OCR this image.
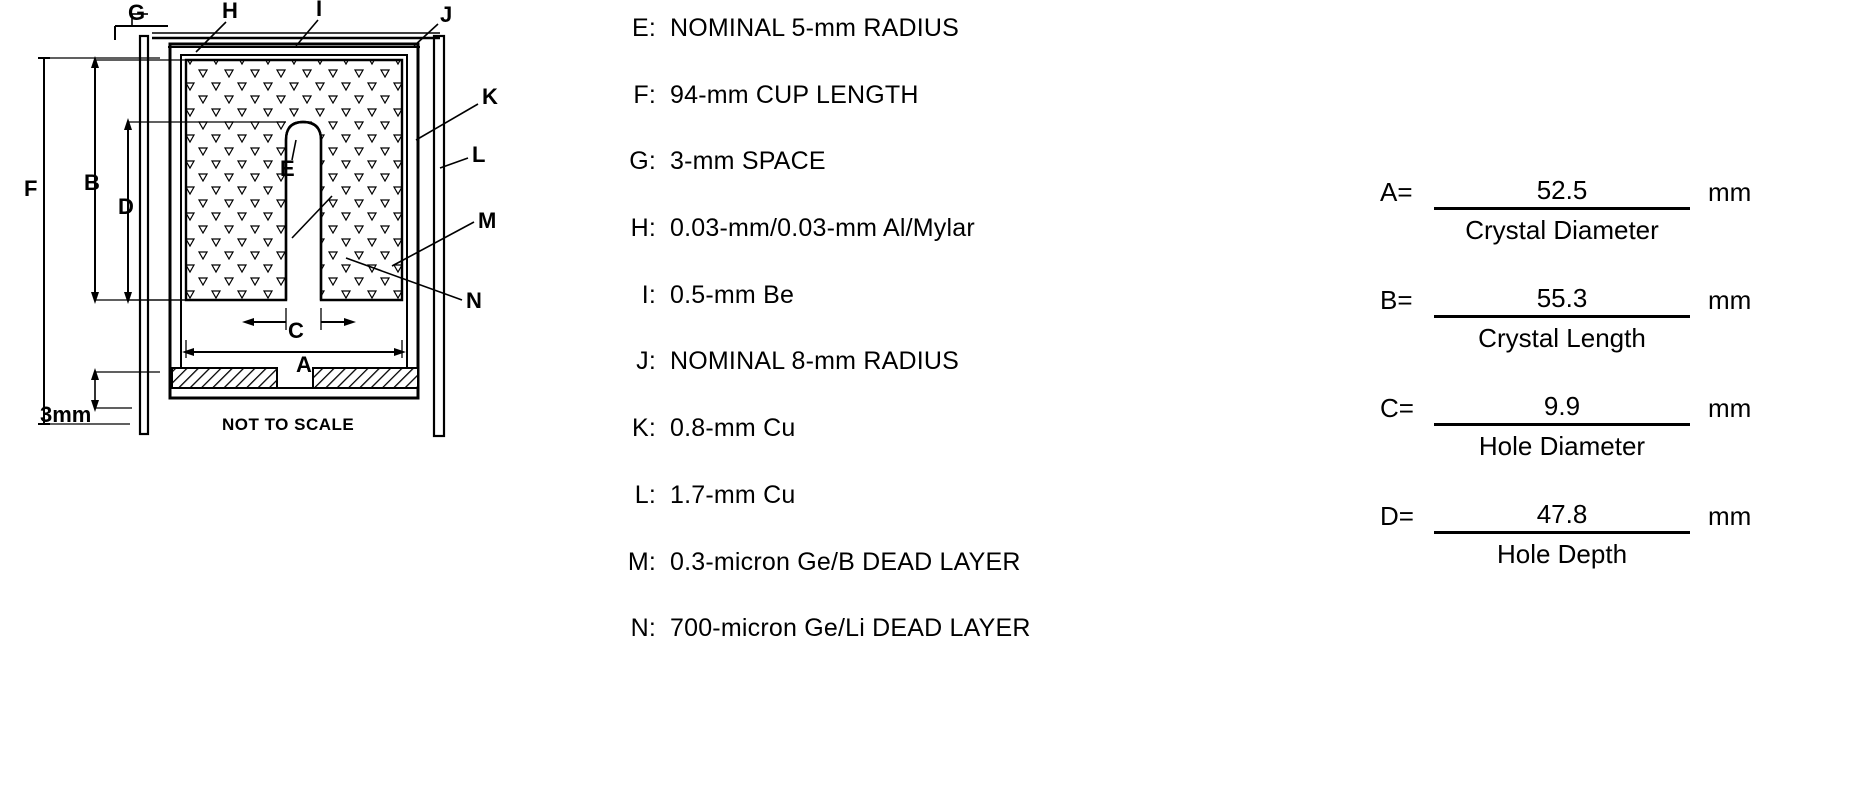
G	H	I	J
K
L
M
N
E
F B
D
C
A
3mm	NOT TO SCALE
E: NOMINAL 5-mm RADIUS
F: 94-mm CUP LENGTH
G: 3-mm SPACE
H: 0.03-mm/0.03-mm Al/Mylar
I: 0.5-mm Be
J: NOMINAL 8-mm RADIUS
K: 0.8-mm Cu
L: 1.7-mm Cu
M: 0.3-micron Ge/B DEAD LAYER
N: 700-micron Ge/Li DEAD LAYER
$A= \frac{52.5}{\text{Crystal Diameter}}$ mm
$B= \frac{55.3}{\text{Crystal Length}}$ mm
$C= \frac{9.9}{\text{Hole Diameter}}$ mm
$D= \frac{47.8}{\text{Hole Depth}}$ mm
